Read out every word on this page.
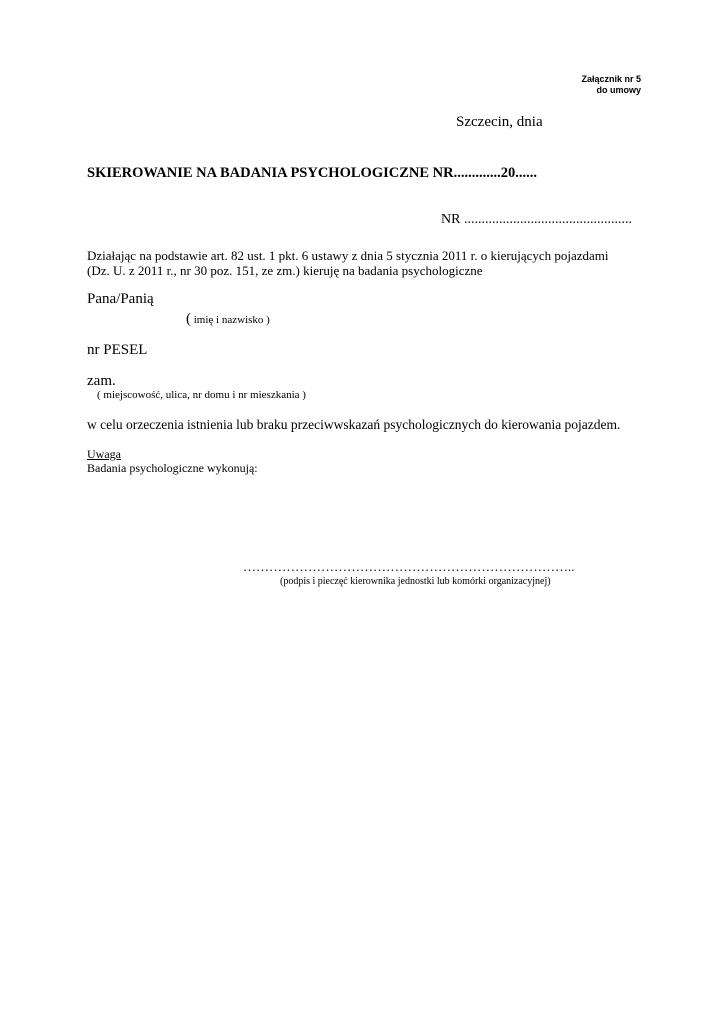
Załącznik nr 5
do umowy
Szczecin, dnia
SKIEROWANIE NA BADANIA PSYCHOLOGICZNE NR.............20......
NR ................................................
Działając na podstawie art. 82 ust. 1 pkt. 6 ustawy z dnia 5 stycznia 2011 r. o kierujących pojazdami
(Dz. U. z 2011 r., nr 30 poz. 151, ze zm.) kieruję na badania psychologiczne
Pana/Panią
( imię i nazwisko )
nr PESEL
zam.
( miejscowość, ulica, nr domu i nr mieszkania )
w celu orzeczenia istnienia lub braku przeciwwskazań psychologicznych do kierowania pojazdem.
Uwaga
Badania psychologiczne wykonują:
…………………………………………………………………..
(podpis i pieczęć kierownika jednostki lub komórki organizacyjnej)
